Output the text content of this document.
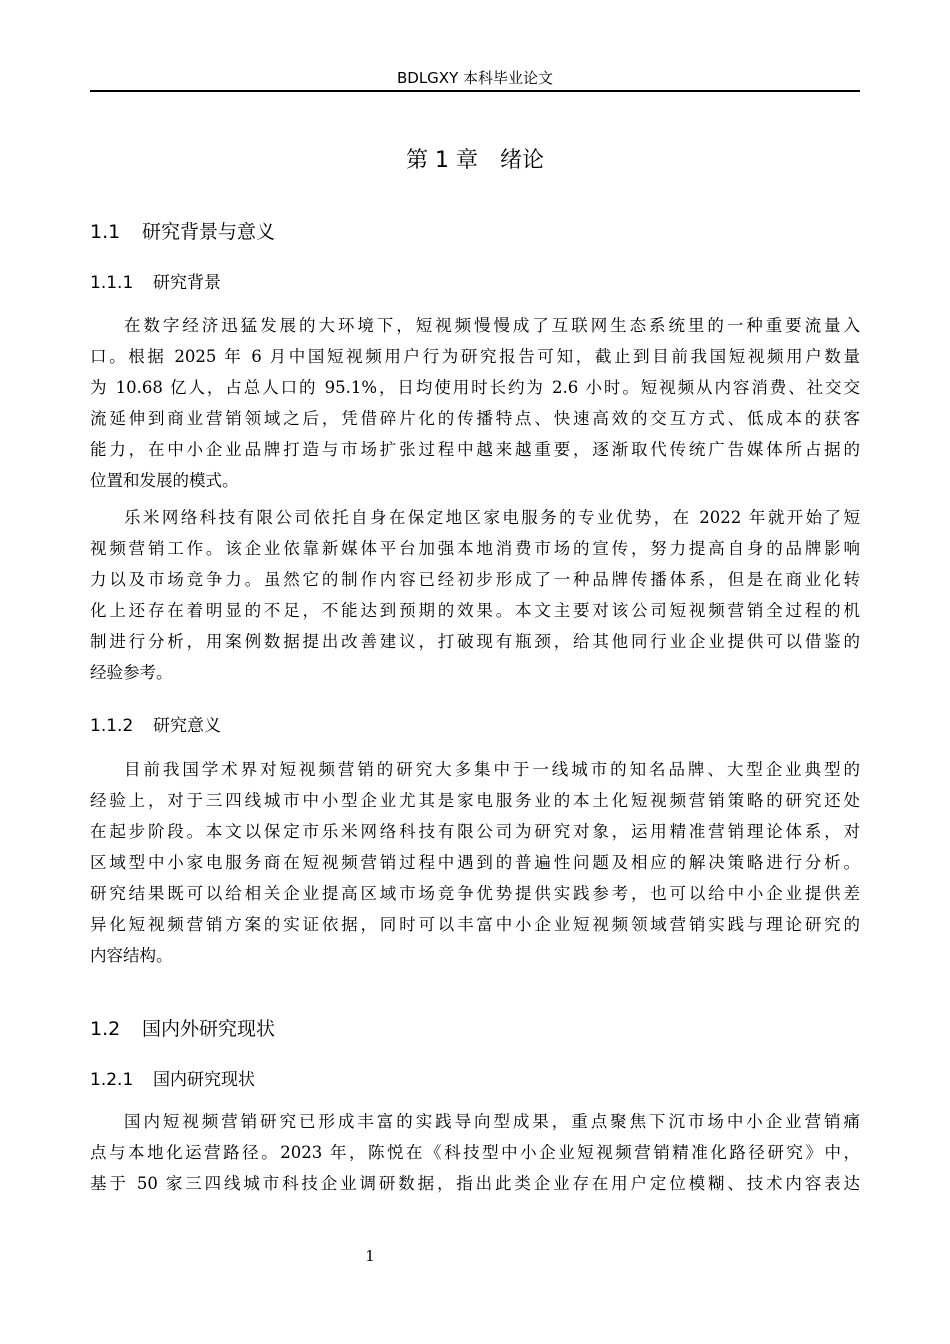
BDLGXY 本科毕业论文
第 1 章 绪论
1.1 研究背景与意义
1.1.1 研究背景
在数字经济迅猛发展的大环境下，短视频慢慢成了互联网生态系统里的一种重要流量入
口。根据 2025 年 6 月中国短视频用户行为研究报告可知，截止到目前我国短视频用户数量
为 10.68 亿人，占总人口的 95.1%，日均使用时长约为 2.6 小时。短视频从内容消费、社交交
流延伸到商业营销领域之后，凭借碎片化的传播特点、快速高效的交互方式、低成本的获客
能力，在中小企业品牌打造与市场扩张过程中越来越重要，逐渐取代传统广告媒体所占据的
位置和发展的模式。
乐米网络科技有限公司依托自身在保定地区家电服务的专业优势，在 2022 年就开始了短
视频营销工作。该企业依靠新媒体平台加强本地消费市场的宣传，努力提高自身的品牌影响
力以及市场竞争力。虽然它的制作内容已经初步形成了一种品牌传播体系，但是在商业化转
化上还存在着明显的不足，不能达到预期的效果。本文主要对该公司短视频营销全过程的机
制进行分析，用案例数据提出改善建议，打破现有瓶颈，给其他同行业企业提供可以借鉴的
经验参考。
1.1.2 研究意义
目前我国学术界对短视频营销的研究大多集中于一线城市的知名品牌、大型企业典型的
经验上，对于三四线城市中小型企业尤其是家电服务业的本土化短视频营销策略的研究还处
在起步阶段。本文以保定市乐米网络科技有限公司为研究对象，运用精准营销理论体系，对
区域型中小家电服务商在短视频营销过程中遇到的普遍性问题及相应的解决策略进行分析。
研究结果既可以给相关企业提高区域市场竞争优势提供实践参考，也可以给中小企业提供差
异化短视频营销方案的实证依据，同时可以丰富中小企业短视频领域营销实践与理论研究的
内容结构。
1.2 国内外研究现状
1.2.1 国内研究现状
国内短视频营销研究已形成丰富的实践导向型成果，重点聚焦下沉市场中小企业营销痛
点与本地化运营路径。2023 年，陈悦在《科技型中小企业短视频营销精准化路径研究》中，
基于 50 家三四线城市科技企业调研数据，指出此类企业存在用户定位模糊、技术内容表达
1
